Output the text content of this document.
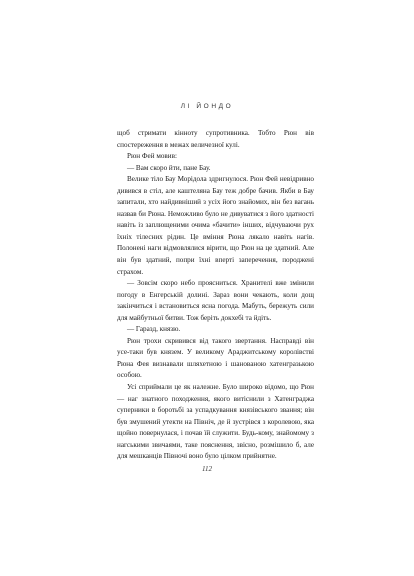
ЛІ ЙОНДО

щоб стримати кінноту супротивника. Тобто Рюн вів спостереження в межах величезної кулі.

Рюн Фей мовив:

— Вам скоро йти, пане Бау.

Велике тіло Бау Морідола здригнулося. Рюн Фей невідривно дивився в стіл, але каштеляна Бау теж добре бачив. Якби в Бау запитали, хто найдивніший з усіх його знайомих, він без вагань назвав би Рюна. Неможливо було не дивуватися з його здатності навіть із заплющеними очима «бачити» інших, відчуваючи рух їхніх тілесних рідин. Це вміння Рюна лякало навіть нагів. Полонені наги відмовлялися вірити, що Рюн на це здатний. Але він був здатний, попри їхні вперті заперечення, породжені страхом.

— Зовсім скоро небо проясниться. Хранителі вже змінили погоду в Енгерській долині. Зараз вони чекають, коли дощ закінчиться і встановиться ясна погода. Мабуть, бережуть сили для майбутньої битви. Тож беріть докхебі та йдіть.

— Гаразд, князю.

Рюн трохи скривився від такого звертання. Насправді він усе-таки був князем. У великому Араджитському королівстві Рюна Фея визнавали шляхетною і шанованою хатенгразькою особою.

Усі сприймали це як належне. Було широко відомо, що Рюн — наг знатного походження, якого витіснили з Хатенграджа суперники в боротьбі за успадкування князівського звання; він був змушений утекти на Північ, де й зустрівся з королевою, яка щойно повернулася, і почав їй служити. Будь-кому, знайомому з нагськими звичаями, таке пояснення, звісно, розмішило б, але для мешканців Півночі воно було цілком прийнятне.

112
